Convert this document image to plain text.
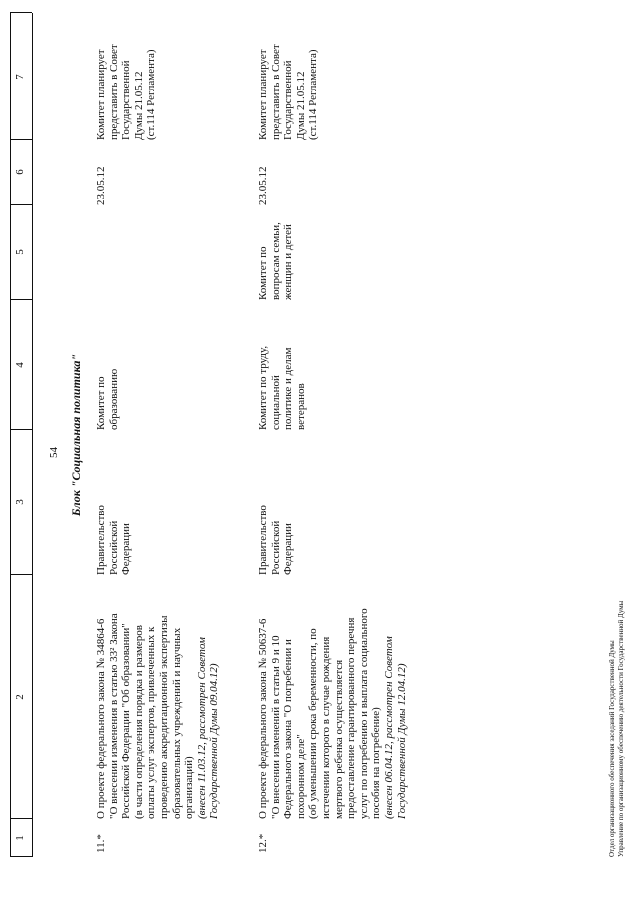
54
1
2
3
4
5
6
7
Блок "Социальная политика"
11.*
О проекте федерального закона № 34864-6 "О внесении изменения в статью 33² Закона Российской Федерации "Об образовании" (в части определения порядка и размеров оплаты услуг экспертов, привлеченных к проведению аккредитационной экспертизы образовательных учреждений и научных организаций) (внесен 11.03.12, рассмотрен Советом Государственной Думы 09.04.12)
Правительство Российской Федерации
Комитет по образованию
23.05.12
Комитет планирует представить в Совет Государственной Думы 21.05.12 (ст.114 Регламента)
12.*
О проекте федерального закона № 50637-6 "О внесении изменений в статьи 9 и 10 Федерального закона "О погребении и похоронном деле" (об уменьшении срока беременности, по истечении которого в случае рождения мертвого ребенка осуществляется предоставление гарантированного перечня услуг по погребению и выплата социального пособия на погребение) (внесен 06.04.12, рассмотрен Советом Государственной Думы 12.04.12)
Правительство Российской Федерации
Комитет по труду, социальной политике и делам ветеранов
Комитет по вопросам семьи, женщин и детей
23.05.12
Комитет планирует представить в Совет Государственной Думы 21.05.12 (ст.114 Регламента)
Отдел организационного обеспечения заседаний Государственной Думы Управление по организационному обеспечению деятельности Государственной Думы
